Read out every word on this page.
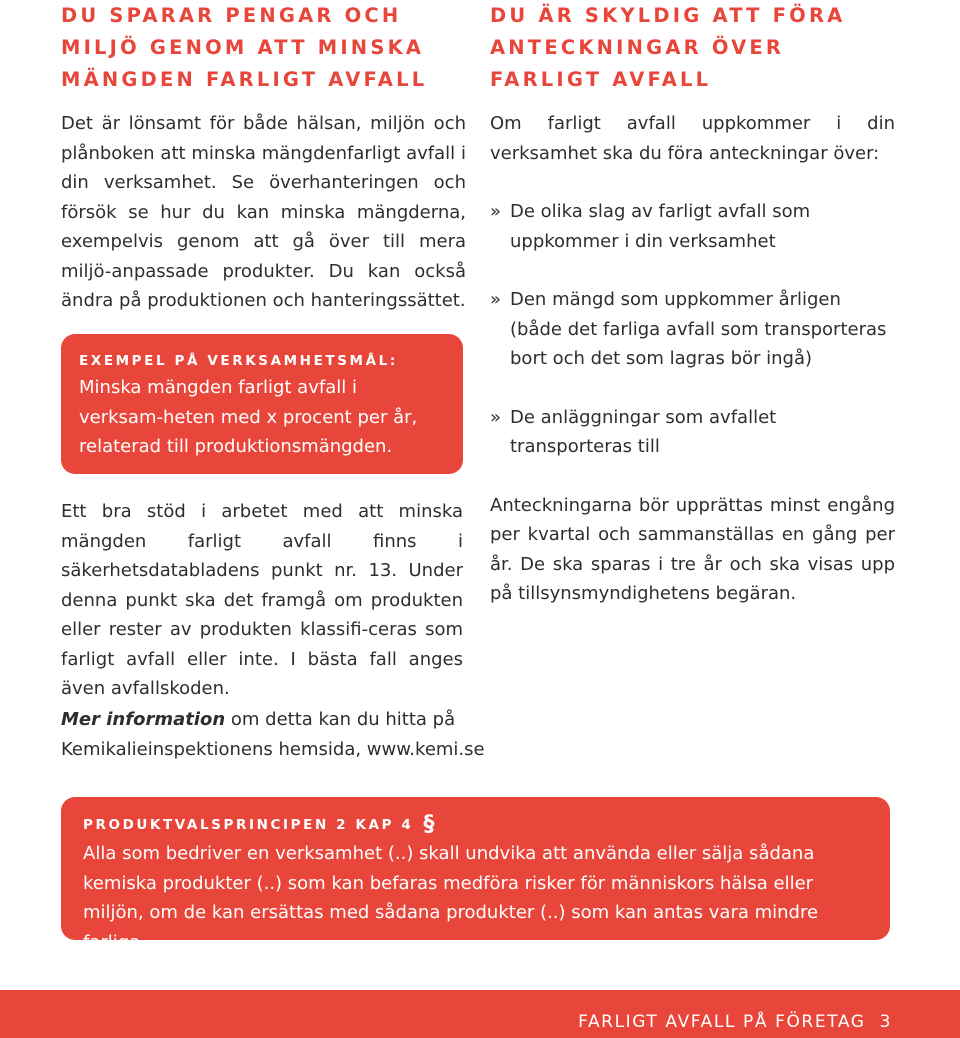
DU SPARAR PENGAR OCH MILJÖ GENOM ATT MINSKA MÄNGDEN FARLIGT AVFALL

Det är lönsamt för både hälsan, miljön och plånboken att minska mängdenfarligt avfall i din verksamhet. Se överhanteringen och försök se hur du kan minska mängderna, exempelvis genom att gå över till mera miljö-anpassade produkter. Du kan också ändra på produktionen och hanteringssättet.

EXEMPEL PÅ VERKSAMHETSMÅL:

Minska mängden farligt avfall i verksam-heten med x procent per år, relaterad till produktionsmängden.

Ett bra stöd i arbetet med att minska mängden farligt avfall finns i säkerhetsdatabladens punkt nr. 13. Under denna punkt ska det framgå om produkten eller rester av produkten klassifi-ceras som farligt avfall eller inte. I bästa fall anges även avfallskoden.

Mer information om detta kan du hitta på Kemikalieinspektionens hemsida, www.kemi.se

DU ÄR SKYLDIG ATT FÖRA ANTECKNINGAR ÖVER FARLIGT AVFALL

Om farligt avfall uppkommer i din verksamhet ska du föra anteckningar över:

» De olika slag av farligt avfall som uppkommer i din verksamhet
» Den mängd som uppkommer årligen (både det farliga avfall som transporteras bort och det som lagras bör ingå)
» De anläggningar som avfallet transporteras till

Anteckningarna bör upprättas minst engång per kvartal och sammanställas en gång per år. De ska sparas i tre år och ska visas upp på tillsynsmyndighetens begäran.

PRODUKTVALSPRINCIPEN 2 KAP 4 §

Alla som bedriver en verksamhet (..) skall undvika att använda eller sälja sådana kemiska produkter (..) som kan befaras medföra risker för människors hälsa eller miljön, om de kan ersättas med sådana produkter (..) som kan antas vara mindre farliga.

FARLIGT AVFALL PÅ FÖRETAG 3
